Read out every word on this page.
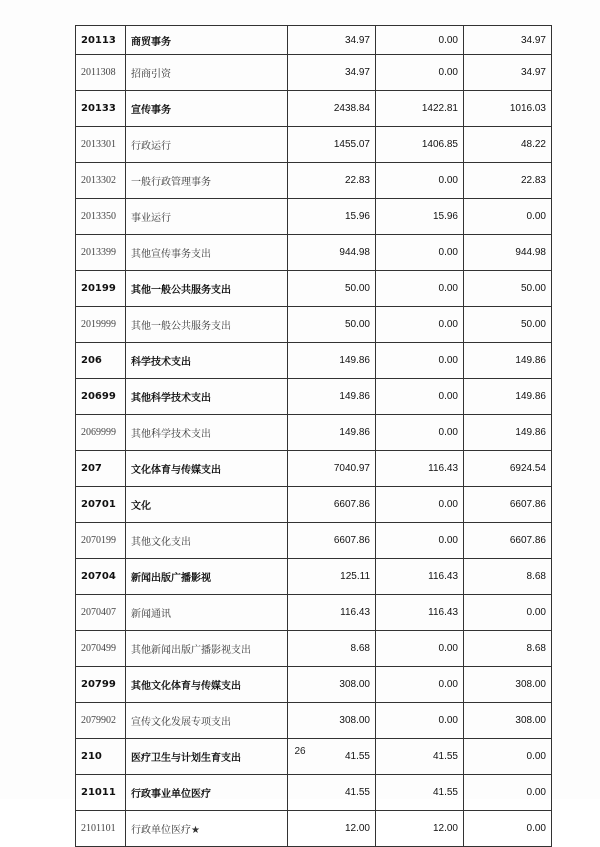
20113	商贸事务	34.97	0.00	34.97
2011308	招商引资	34.97	0.00	34.97
20133	宣传事务	2438.84	1422.81	1016.03
2013301	行政运行	1455.07	1406.85	48.22
2013302	一般行政管理事务	22.83	0.00	22.83
2013350	事业运行	15.96	15.96	0.00
2013399	其他宣传事务支出	944.98	0.00	944.98
20199	其他一般公共服务支出	50.00	0.00	50.00
2019999	其他一般公共服务支出	50.00	0.00	50.00
206	科学技术支出	149.86	0.00	149.86
20699	其他科学技术支出	149.86	0.00	149.86
2069999	其他科学技术支出	149.86	0.00	149.86
207	文化体育与传媒支出	7040.97	116.43	6924.54
20701	文化	6607.86	0.00	6607.86
2070199	其他文化支出	6607.86	0.00	6607.86
20704	新闻出版广播影视	125.11	116.43	8.68
2070407	新闻通讯	116.43	116.43	0.00
2070499	其他新闻出版广播影视支出	8.68	0.00	8.68
20799	其他文化体育与传媒支出	308.00	0.00	308.00
2079902	宣传文化发展专项支出	308.00	0.00	308.00
210	医疗卫生与计划生育支出	41.55	41.55	0.00
21011	行政事业单位医疗	41.55	41.55	0.00
2101101	行政单位医疗★	12.00	12.00	0.00
26
